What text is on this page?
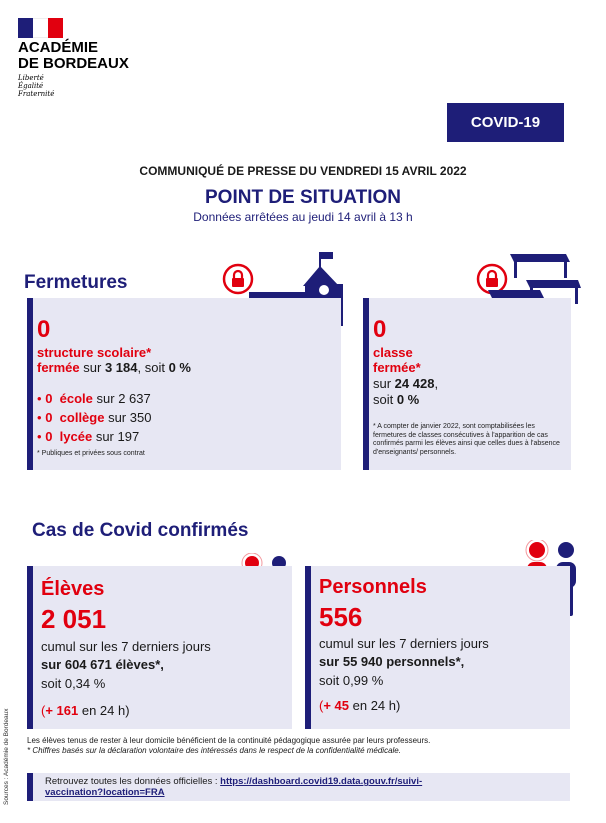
ACADÉMIE
DE BORDEAUX
Liberté
Égalité
Fraternité
COVID-19
COMMUNIQUÉ DE PRESSE DU VENDREDI 15 AVRIL 2022
POINT DE SITUATION
Données arrêtées au jeudi 14 avril à 13 h
Fermetures
0
structure scolaire*
fermée sur 3 184, soit 0 %
• 0 école sur 2 637
• 0 collège sur 350
• 0 lycée sur 197
* Publiques et privées sous contrat
0
classe
fermée*
sur 24 428,
soit 0 %
* A compter de janvier 2022, sont comptabilisées les fermetures de classes consécutives à l'apparition de cas confirmés parmi les élèves ainsi que celles dues à l'absence d'enseignants/ personnels.
Cas de Covid confirmés
Élèves
2 051
cumul sur les 7 derniers jours
sur 604 671 élèves*,
soit 0,34 %
(+ 161 en 24 h)
Personnels
556
cumul sur les 7 derniers jours
sur 55 940 personnels*,
soit 0,99 %
(+ 45 en 24 h)
Les élèves tenus de rester à leur domicile bénéficient de la continuité pédagogique assurée par leurs professeurs.
* Chiffres basés sur la déclaration volontaire des intéressés dans le respect de la confidentialité médicale.
Retrouvez toutes les données officielles : https://dashboard.covid19.data.gouv.fr/suivi-
vaccination?location=FRA
Sources : Académie de Bordeaux
